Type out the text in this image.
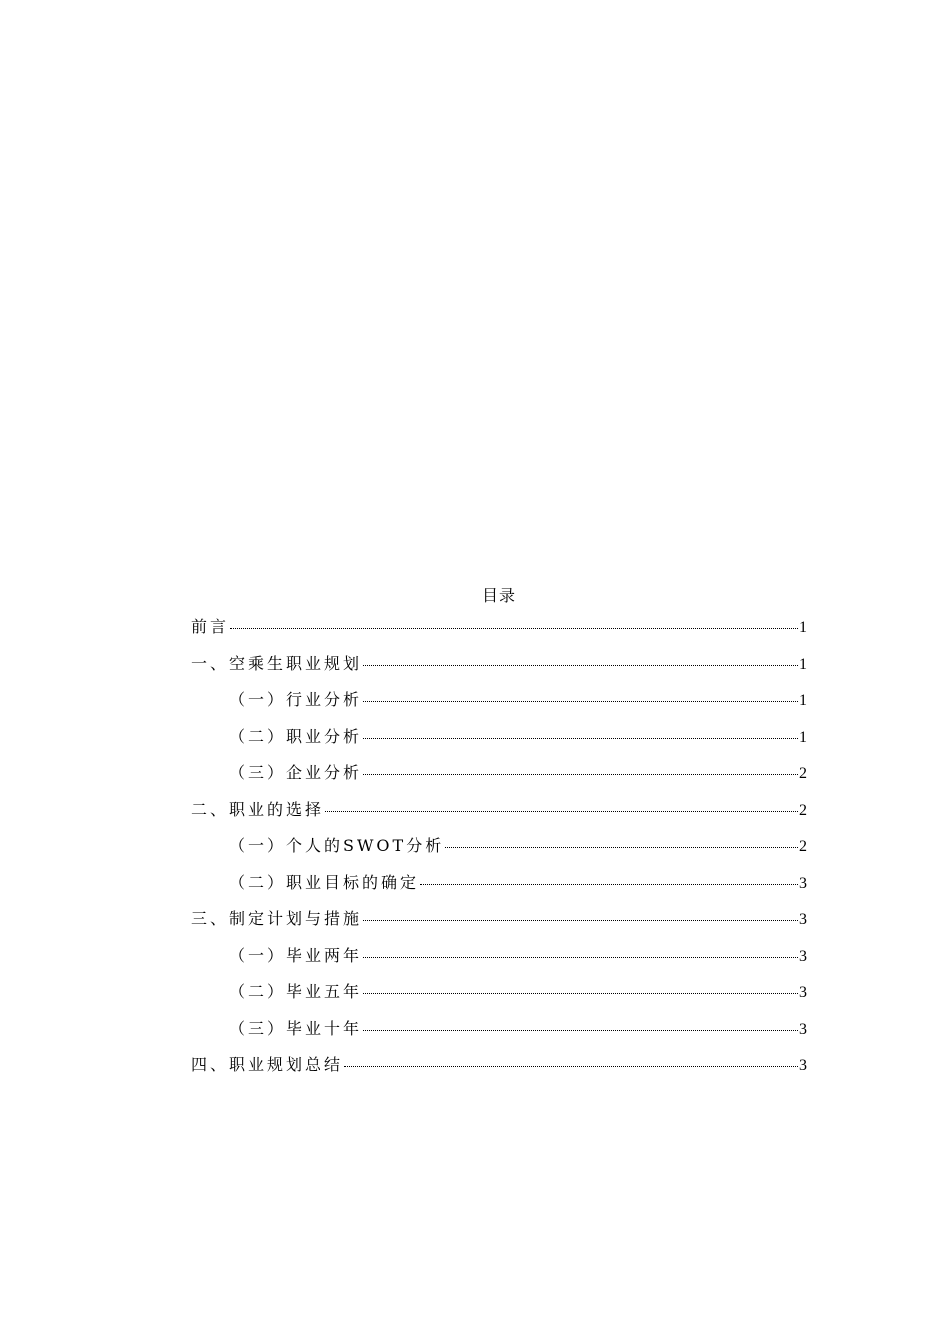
目录
前言	1
一、空乘生职业规划	1
（一）行业分析	1
（二）职业分析	1
（三）企业分析	2
二、职业的选择	2
（一）个人的SWOT分析	2
（二）职业目标的确定	3
三、制定计划与措施	3
（一）毕业两年	3
（二）毕业五年	3
（三）毕业十年	3
四、职业规划总结	3
